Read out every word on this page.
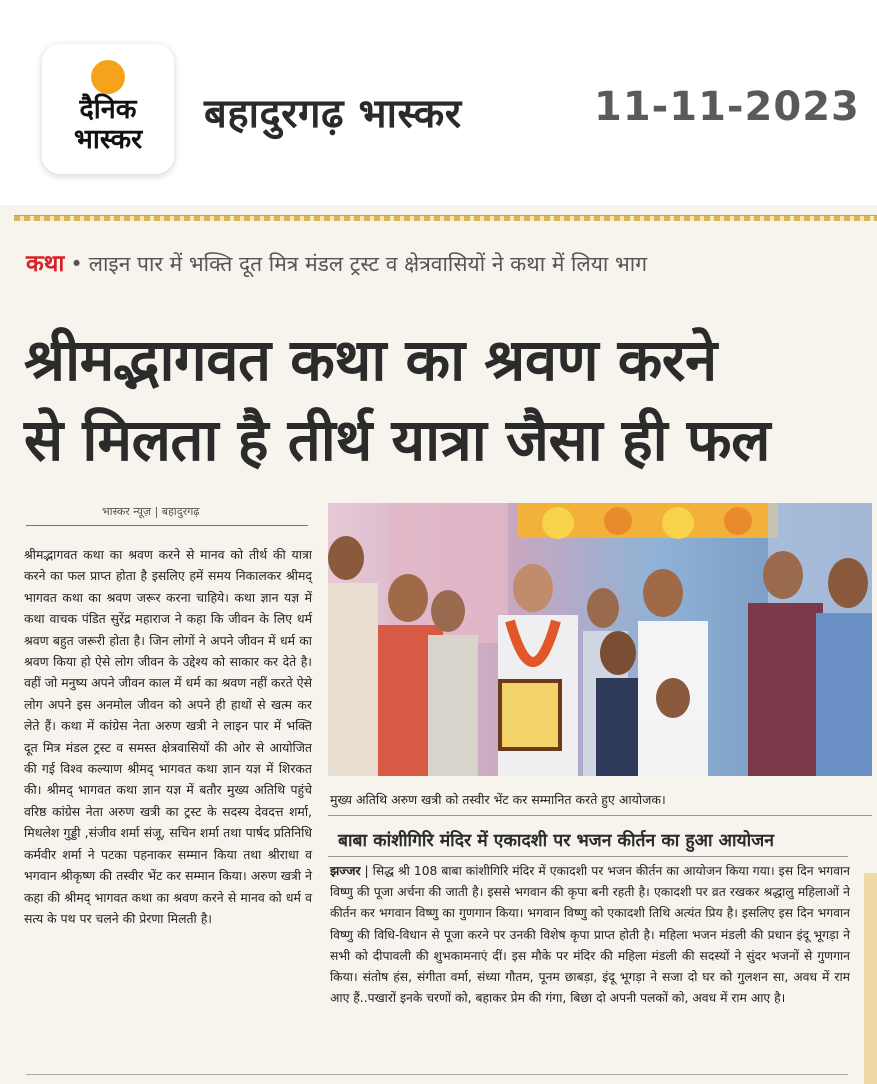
दैनिक
भास्कर
बहादुरगढ़ भास्कर	11-11-2023
कथा • लाइन पार में भक्ति दूत मित्र मंडल ट्रस्ट व क्षेत्रवासियों ने कथा में लिया भाग
श्रीमद्भागवत कथा का श्रवण करने
से मिलता है तीर्थ यात्रा जैसा ही फल
भास्कर न्यूज़ | बहादुरगढ़
श्रीमद्भागवत कथा का श्रवण करने से मानव को तीर्थ की यात्रा करने का फल प्राप्त होता है इसलिए हमें समय निकालकर श्रीमद् भागवत कथा का श्रवण जरूर करना चाहिये। कथा ज्ञान यज्ञ में कथा वाचक पंडित सुरेंद्र महाराज ने कहा कि जीवन के लिए धर्म श्रवण बहुत जरूरी होता है। जिन लोगों ने अपने जीवन में धर्म का श्रवण किया हो ऐसे लोग जीवन के उद्देश्य को साकार कर देते है। वहीं जो मनुष्य अपने जीवन काल में धर्म का श्रवण नहीं करते ऐसे लोग अपने इस अनमोल जीवन को अपने ही हाथों से खत्म कर लेते हैं। कथा में कांग्रेस नेता अरुण खत्री ने लाइन पार में भक्ति दूत मित्र मंडल ट्रस्ट व समस्त क्षेत्रवासियों की ओर से आयोजित की गई विश्व कल्याण श्रीमद् भागवत कथा ज्ञान यज्ञ में शिरकत की। श्रीमद् भागवत कथा ज्ञान यज्ञ में बतौर मुख्य अतिथि पहुंचे वरिष्ठ कांग्रेस नेता अरुण खत्री का ट्रस्ट के सदस्य देवदत्त शर्मा, मिथलेश गुड्डी ,संजीव शर्मा संजू, सचिन शर्मा तथा पार्षद प्रतिनिधि कर्मवीर शर्मा ने पटका पहनाकर सम्मान किया तथा श्रीराधा व भगवान श्रीकृष्ण की तस्वीर भेंट कर सम्मान किया। अरुण खत्री ने कहा की श्रीमद् भागवत कथा का श्रवण करने से मानव को धर्म व सत्य के पथ पर चलने की प्रेरणा मिलती है।
मुख्य अतिथि अरुण खत्री को तस्वीर भेंट कर सम्मानित करते हुए आयोजक।
बाबा कांशीगिरि मंदिर में एकादशी पर भजन कीर्तन का हुआ आयोजन
झज्जर | सिद्ध श्री 108 बाबा कांशीगिरि मंदिर में एकादशी पर भजन कीर्तन का आयोजन किया गया। इस दिन भगवान विष्णु की पूजा अर्चना की जाती है। इससे भगवान की कृपा बनी रहती है। एकादशी पर व्रत रखकर श्रद्धालु महिलाओं ने कीर्तन कर भगवान विष्णु का गुणगान किया। भगवान विष्णु को एकादशी तिथि अत्यंत प्रिय है। इसलिए इस दिन भगवान विष्णु की विधि-विधान से पूजा करने पर उनकी विशेष कृपा प्राप्त होती है। महिला भजन मंडली की प्रधान इंदू भूगड़ा ने सभी को दीपावली की शुभकामनाएं दीं। इस मौके पर मंदिर की महिला मंडली की सदस्यों ने सुंदर भजनों से गुणगान किया। संतोष हंस, संगीता वर्मा, संध्या गौतम, पूनम छाबड़ा, इंदू भूगड़ा ने सजा दो घर को गुलशन सा, अवध में राम आए हैं..पखारों इनके चरणों को, बहाकर प्रेम की गंगा, बिछा दो अपनी पलकों को, अवध में राम आए है।
